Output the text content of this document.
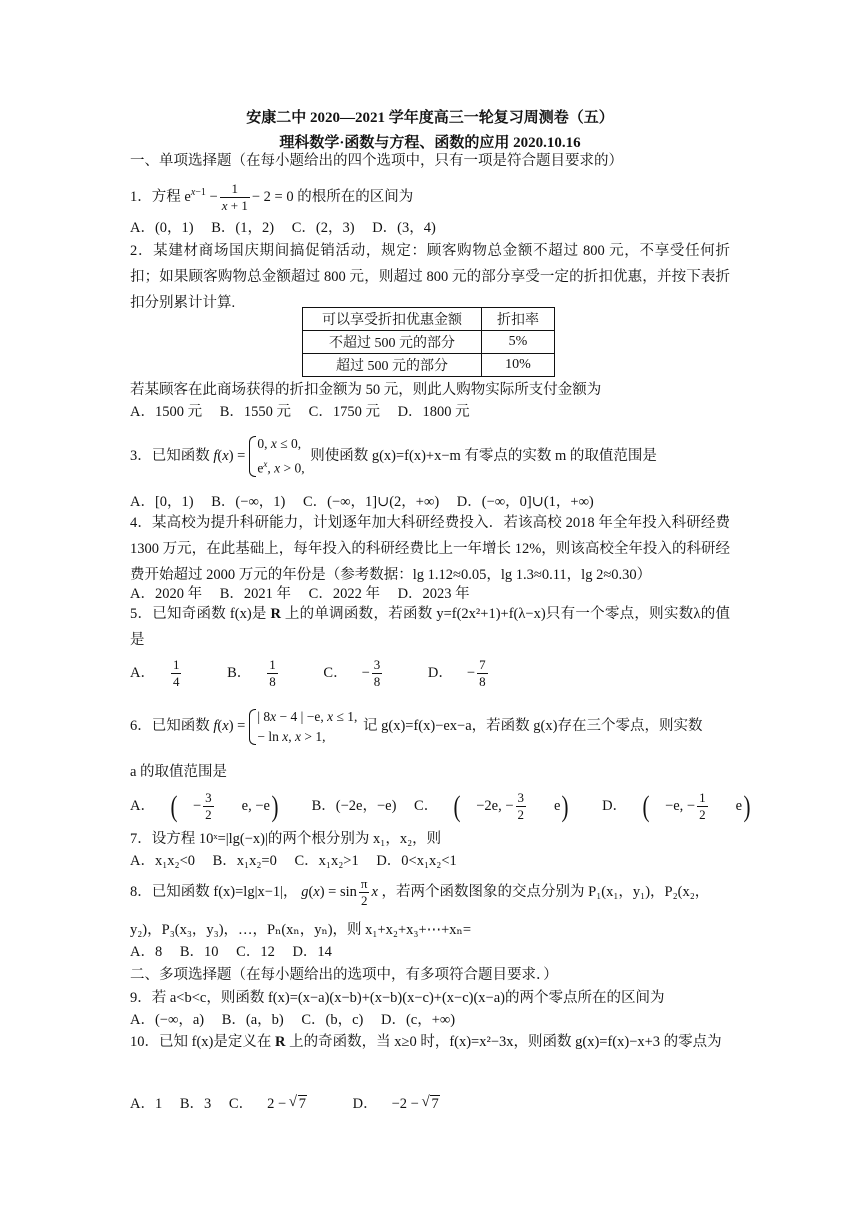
安康二中 2020—2021 学年度高三一轮复习周测卷（五）
理科数学·函数与方程、函数的应用 2020.10.16
一、单项选择题（在每小题给出的四个选项中，只有一项是符合题目要求的）
1．方程 $e^{x-1} - \frac{1}{x + 1} - 2 = 0$ 的根所在的区间为
A．(0，1) B．(1，2) C．(2，3) D．(3，4)
2．某建材商场国庆期间搞促销活动，规定：顾客购物总金额不超过 800 元，不享受任何折扣；如果顾客购物总金额超过 800 元，则超过 800 元的部分享受一定的折扣优惠，并按下表折扣分别累计计算.
可以享受折扣优惠金额	折扣率
不超过 500 元的部分	5%
超过 500 元的部分	10%
若某顾客在此商场获得的折扣金额为 50 元，则此人购物实际所支付金额为
A．1500 元 B．1550 元 C．1750 元 D．1800 元
3．已知函数 f(x) =
0, x ≤ 0,
$e^x$, x > 0,
则使函数 g(x)=f(x)+x−m 有零点的实数 m 的取值范围是
A．[0，1) B．(−∞，1) C．(−∞，1]∪(2，+∞) D．(−∞，0]∪(1，+∞)
4．某高校为提升科研能力，计划逐年加大科研经费投入．若该高校 2018 年全年投入科研经费 1300 万元，在此基础上，每年投入的科研经费比上一年增长 12%，则该高校全年投入的科研经费开始超过 2000 万元的年份是（参考数据：lg 1.12≈0.05，lg 1.3≈0.11，lg 2≈0.30）
A．2020 年 B．2021 年 C．2022 年 D．2023 年
5．已知奇函数 f(x)是 R 上的单调函数，若函数 y=f(2x²+1)+f(λ−x)只有一个零点，则实数λ的值是
A． $\frac{1}{4}$ B． $\frac{1}{8}$ C． − $\frac{3}{8}$ D． − $\frac{7}{8}$
6．已知函数 f(x) =
| 8x − 4 | −e, x ≤ 1,
− ln x, x > 1,
记 g(x)=f(x)−ex−a，若函数 g(x)存在三个零点，则实数
a 的取值范围是
A． ( − $\frac{3}{2} e$, −e) B．(−2e，−e) C． ( −2e, − $\frac{3}{2} e$) D． ( −e, − $\frac{1}{2} e$)
7．设方程 10ˣ=|lg(−x)|的两个根分别为 x₁，x₂，则
A．x₁x₂<0 B．x₁x₂=0 C．x₁x₂>1 D．0<x₁x₂<1
8．已知函数 f(x)=lg|x−1|， $g(x) = \sin \frac{\pi}{2}$ x ，若两个函数图象的交点分别为 P₁(x₁，y₁)，P₂(x₂，
y₂)，P₃(x₃，y₃)，…，Pₙ(xₙ，yₙ)，则 x₁+x₂+x₃+⋯+xₙ=
A．8 B．10 C．12 D．14
二、多项选择题（在每小题给出的选项中，有多项符合题目要求．）
9．若 a<b<c，则函数 f(x)=(x−a)(x−b)+(x−b)(x−c)+(x−c)(x−a)的两个零点所在的区间为
A．(−∞，a) B．(a，b) C．(b，c) D．(c，+∞)
10．已知 f(x)是定义在 R 上的奇函数，当 x≥0 时，f(x)=x²−3x，则函数 g(x)=f(x)−x+3 的零点为
A．1 B．3 C． 2 − √ 7	D． −2 − √ 7
